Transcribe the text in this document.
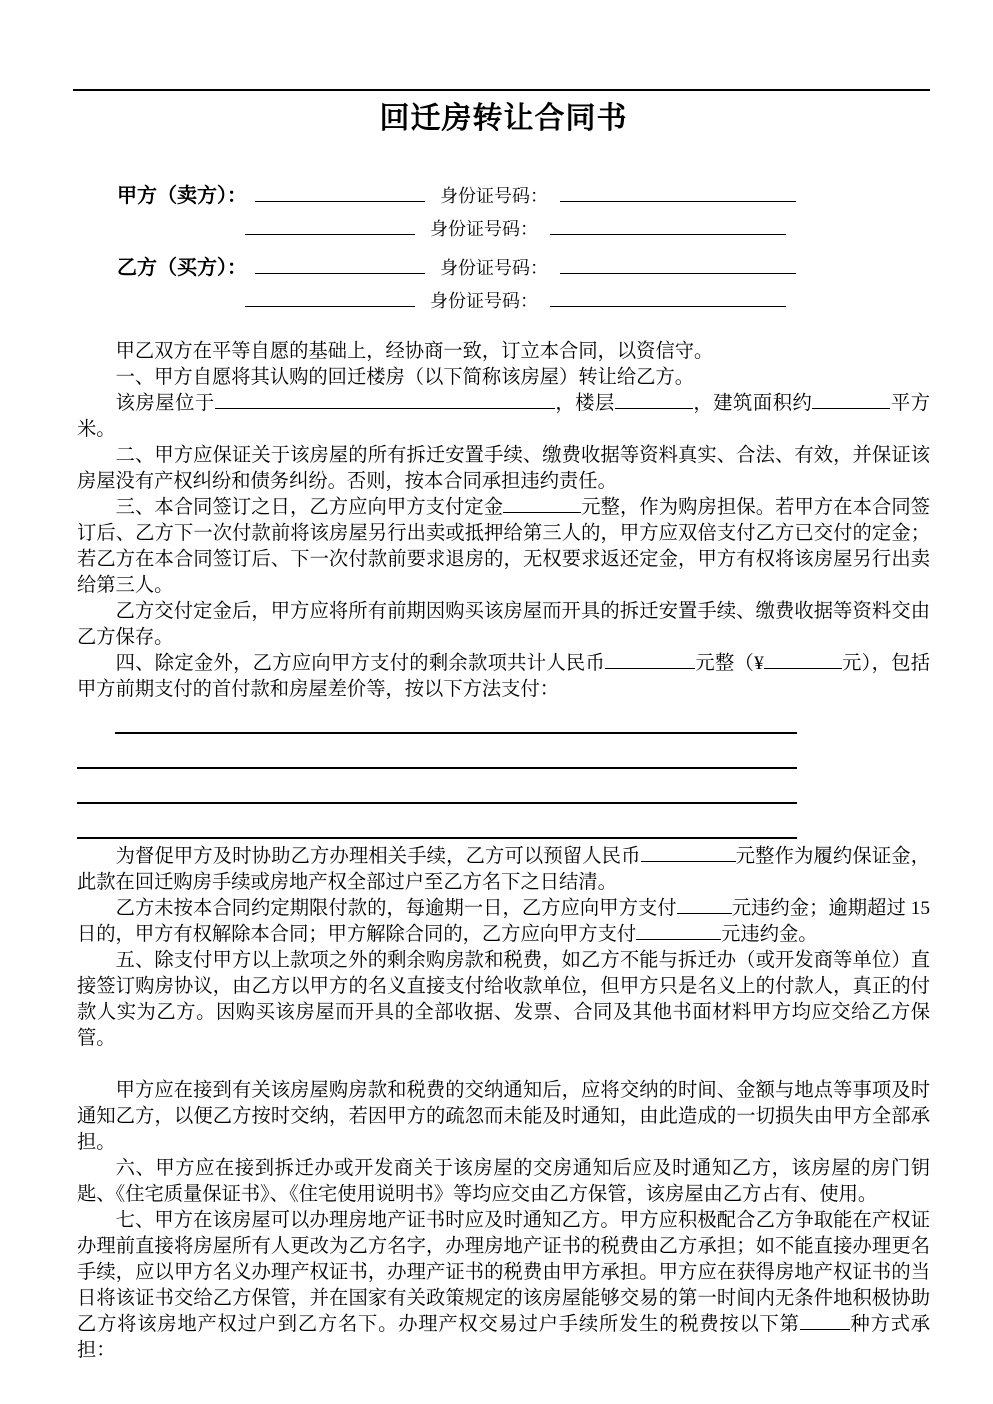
回迁房转让合同书
甲方（卖方）：	身份证号码：
身份证号码：
乙方（买方）：	身份证号码：
身份证号码：

甲乙双方在平等自愿的基础上，经协商一致，订立本合同，以资信守。

一、甲方自愿将其认购的回迁楼房（以下简称该房屋）转让给乙方。

该房屋位于	，楼层	，建筑面积约	平方米。

二、甲方应保证关于该房屋的所有拆迁安置手续、缴费收据等资料真实、合法、有效，并保证该房屋没有产权纠纷和债务纠纷。否则，按本合同承担违约责任。

三、本合同签订之日，乙方应向甲方支付定金	元整，作为购房担保。若甲方在本合同签订后、乙方下一次付款前将该房屋另行出卖或抵押给第三人的，甲方应双倍支付乙方已交付的定金；若乙方在本合同签订后、下一次付款前要求退房的，无权要求返还定金，甲方有权将该房屋另行出卖给第三人。

乙方交付定金后，甲方应将所有前期因购买该房屋而开具的拆迁安置手续、缴费收据等资料交由乙方保存。

四、除定金外，乙方应向甲方支付的剩余款项共计人民币	元整（¥	元），包括甲方前期支付的首付款和房屋差价等，按以下方法支付：

为督促甲方及时协助乙方办理相关手续，乙方可以预留人民币	元整作为履约保证金，此款在回迁购房手续或房地产权全部过户至乙方名下之日结清。

乙方未按本合同约定期限付款的，每逾期一日，乙方应向甲方支付	元违约金；逾期超过 15 日的，甲方有权解除本合同；甲方解除合同的，乙方应向甲方支付	元违约金。

五、除支付甲方以上款项之外的剩余购房款和税费，如乙方不能与拆迁办（或开发商等单位）直接签订购房协议，由乙方以甲方的名义直接支付给收款单位，但甲方只是名义上的付款人，真正的付款人实为乙方。因购买该房屋而开具的全部收据、发票、合同及其他书面材料甲方均应交给乙方保管。

甲方应在接到有关该房屋购房款和税费的交纳通知后，应将交纳的时间、金额与地点等事项及时通知乙方，以便乙方按时交纳，若因甲方的疏忽而未能及时通知，由此造成的一切损失由甲方全部承担。

六、甲方应在接到拆迁办或开发商关于该房屋的交房通知后应及时通知乙方，该房屋的房门钥匙、《住宅质量保证书》、《住宅使用说明书》等均应交由乙方保管，该房屋由乙方占有、使用。

七、甲方在该房屋可以办理房地产证书时应及时通知乙方。甲方应积极配合乙方争取能在产权证办理前直接将房屋所有人更改为乙方名字，办理房地产证书的税费由乙方承担；如不能直接办理更名手续，应以甲方名义办理产权证书，办理产证书的税费由甲方承担。甲方应在获得房地产权证书的当日将该证书交给乙方保管，并在国家有关政策规定的该房屋能够交易的第一时间内无条件地积极协助乙方将该房地产权过户到乙方名下。办理产权交易过户手续所发生的税费按以下第	种方式承担：
